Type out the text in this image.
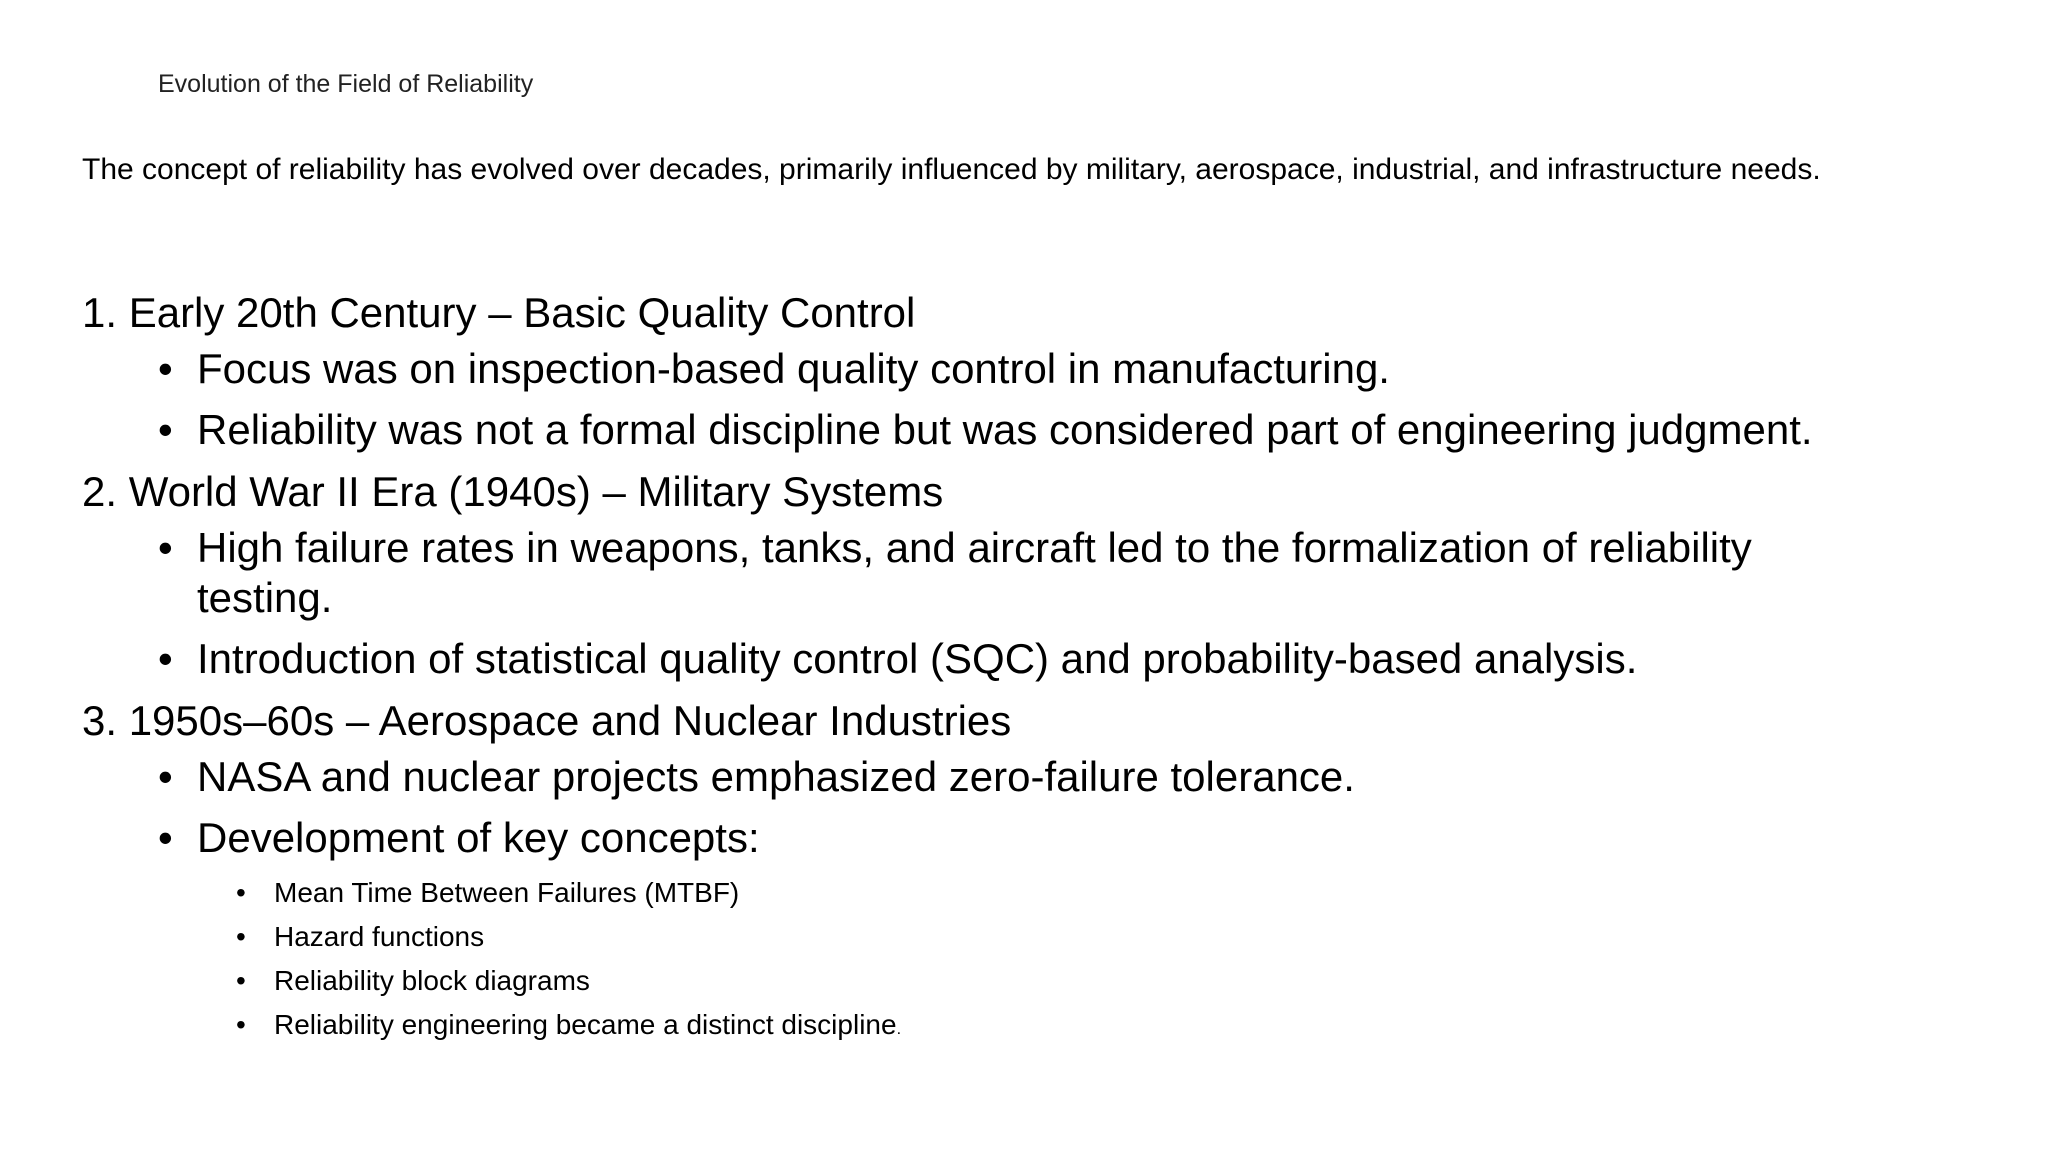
Evolution of the Field of Reliability
The concept of reliability has evolved over decades, primarily influenced by military, aerospace, industrial, and infrastructure needs.
1. Early 20th Century – Basic Quality Control
• Focus was on inspection-based quality control in manufacturing.
• Reliability was not a formal discipline but was considered part of engineering judgment.
2. World War II Era (1940s) – Military Systems
• High failure rates in weapons, tanks, and aircraft led to the formalization of reliability testing.
• Introduction of statistical quality control (SQC) and probability-based analysis.
3. 1950s–60s – Aerospace and Nuclear Industries
• NASA and nuclear projects emphasized zero-failure tolerance.
• Development of key concepts:
• Mean Time Between Failures (MTBF)
• Hazard functions
• Reliability block diagrams
• Reliability engineering became a distinct discipline.
